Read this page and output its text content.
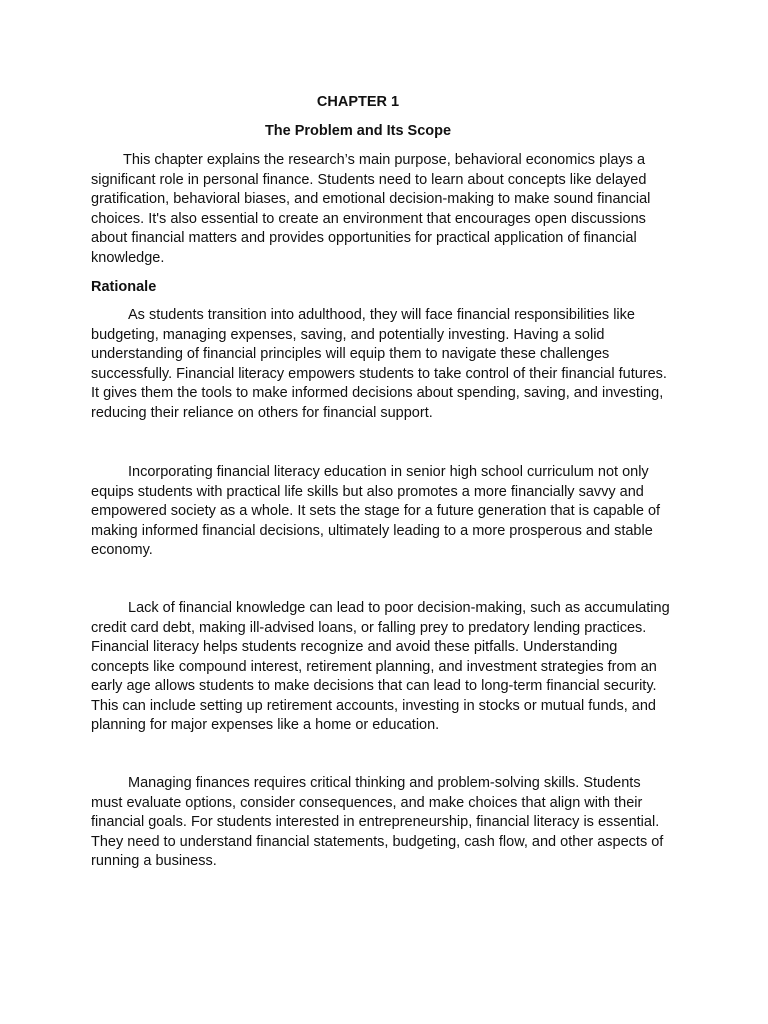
CHAPTER 1
The Problem and Its Scope

This chapter explains the research’s main purpose, behavioral economics plays a significant role in personal finance. Students need to learn about concepts like delayed gratification, behavioral biases, and emotional decision-making to make sound financial choices. It's also essential to create an environment that encourages open discussions about financial matters and provides opportunities for practical application of financial knowledge.

Rationale

As students transition into adulthood, they will face financial responsibilities like budgeting, managing expenses, saving, and potentially investing. Having a solid understanding of financial principles will equip them to navigate these challenges successfully. Financial literacy empowers students to take control of their financial futures. It gives them the tools to make informed decisions about spending, saving, and investing, reducing their reliance on others for financial support.

Incorporating financial literacy education in senior high school curriculum not only equips students with practical life skills but also promotes a more financially savvy and empowered society as a whole. It sets the stage for a future generation that is capable of making informed financial decisions, ultimately leading to a more prosperous and stable economy.

Lack of financial knowledge can lead to poor decision-making, such as accumulating credit card debt, making ill-advised loans, or falling prey to predatory lending practices. Financial literacy helps students recognize and avoid these pitfalls. Understanding concepts like compound interest, retirement planning, and investment strategies from an early age allows students to make decisions that can lead to long-term financial security. This can include setting up retirement accounts, investing in stocks or mutual funds, and planning for major expenses like a home or education.

Managing finances requires critical thinking and problem-solving skills. Students must evaluate options, consider consequences, and make choices that align with their financial goals. For students interested in entrepreneurship, financial literacy is essential. They need to understand financial statements, budgeting, cash flow, and other aspects of running a business.
